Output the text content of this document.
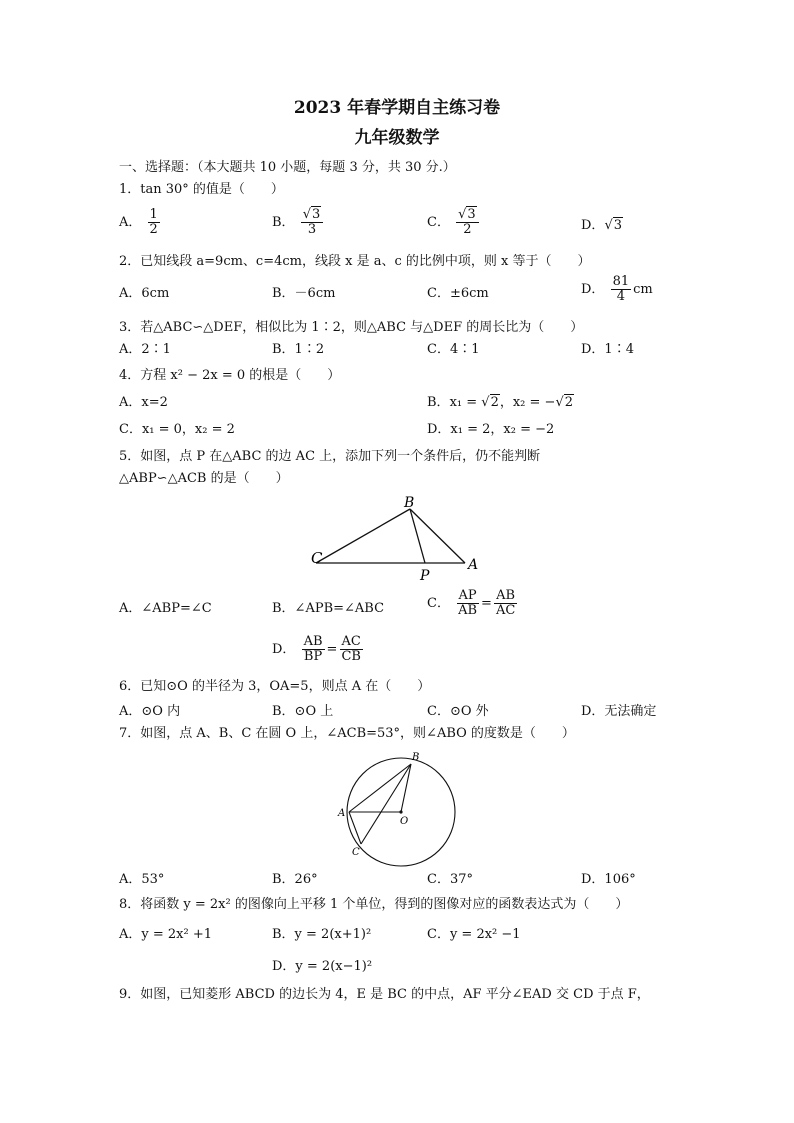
2023 年春学期自主练习卷
九年级数学
一、选择题：（本大题共 10 小题，每题 3 分，共 30 分.）
1．tan 30° 的值是（　　）
A． $\frac{1}{2}$	B． $\frac{√3}{3}$	C． $\frac{√3}{2}$	D．√3
2．已知线段 a=9cm、c=4cm，线段 x 是 a、c 的比例中项，则 x 等于（　　）
A．6cm	B．－6cm	C．±6cm	D． $\frac{81}{4}$ cm
3．若△ABC∽△DEF，相似比为 1∶2，则△ABC 与△DEF 的周长比为（　　）
A．2∶1	B．1∶2	C．4∶1	D．1∶4
4．方程 x² − 2x = 0 的根是（　　）
A．x=2	B．x₁ = √2，x₂ = −√2
C．x₁ = 0，x₂ = 2	D．x₁ = 2，x₂ = −2
5．如图，点 P 在△ABC 的边 AC 上，添加下列一个条件后，仍不能判断
△ABP∽△ACB 的是（　　）
B
C
P
A
A．∠ABP=∠C	B．∠APB=∠ABC	C． $\frac{AP}{AB} = \frac{AB}{AC}$
D． $\frac{AB}{BP} = \frac{AC}{CB}$
6．已知⊙O 的半径为 3，OA=5，则点 A 在（　　）
A．⊙O 内	B．⊙O 上	C．⊙O 外	D．无法确定
7．如图，点 A、B、C 在圆 O 上，∠ACB=53°，则∠ABO 的度数是（　　）
B
A
O
C
A．53°	B．26°	C．37°	D．106°
8．将函数 y = 2x² 的图像向上平移 1 个单位，得到的图像对应的函数表达式为（　　）
A．y = 2x² +1	B．y = 2(x+1)²	C．y = 2x² −1
D．y = 2(x−1)²
9．如图，已知菱形 ABCD 的边长为 4，E 是 BC 的中点，AF 平分∠EAD 交 CD 于点 F，
